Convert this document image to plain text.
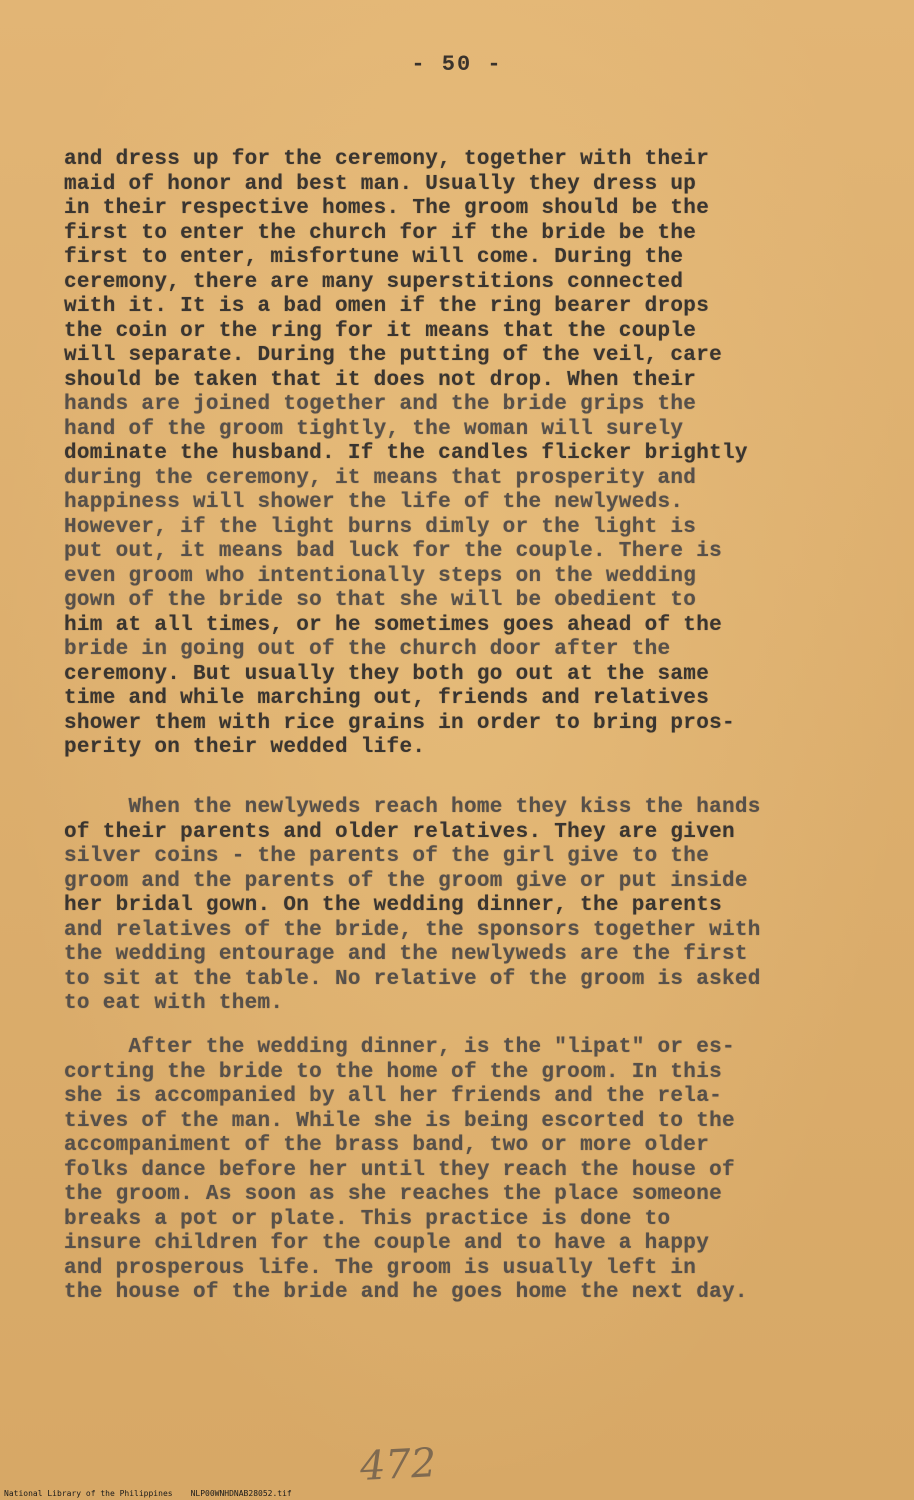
- 50 -
and dress up for the ceremony, together with their
maid of honor and best man. Usually they dress up
in their respective homes. The groom should be the
first to enter the church for if the bride be the
first to enter, misfortune will come. During the
ceremony, there are many superstitions connected
with it. It is a bad omen if the ring bearer drops
the coin or the ring for it means that the couple
will separate. During the putting of the veil, care
should be taken that it does not drop. When their
hands are joined together and the bride grips the
hand of the groom tightly, the woman will surely
dominate the husband. If the candles flicker brightly
during the ceremony, it means that prosperity and
happiness will shower the life of the newlyweds.
However, if the light burns dimly or the light is
put out, it means bad luck for the couple. There is
even groom who intentionally steps on the wedding
gown of the bride so that she will be obedient to
him at all times, or he sometimes goes ahead of the
bride in going out of the church door after the
ceremony. But usually they both go out at the same
time and while marching out, friends and relatives
shower them with rice grains in order to bring pros-
perity on their wedded life.
When the newlyweds reach home they kiss the hands
of their parents and older relatives. They are given
silver coins - the parents of the girl give to the
groom and the parents of the groom give or put inside
her bridal gown. On the wedding dinner, the parents
and relatives of the bride, the sponsors together with
the wedding entourage and the newlyweds are the first
to sit at the table. No relative of the groom is asked
to eat with them.
After the wedding dinner, is the "lipat" or es-
corting the bride to the home of the groom. In this
she is accompanied by all her friends and the rela-
tives of the man. While she is being escorted to the
accompaniment of the brass band, two or more older
folks dance before her until they reach the house of
the groom. As soon as she reaches the place someone
breaks a pot or plate. This practice is done to
insure children for the couple and to have a happy
and prosperous life. The groom is usually left in
the house of the bride and he goes home the next day.
472
National Library of the Philippines NLP00WNHDNAB28052.tif
